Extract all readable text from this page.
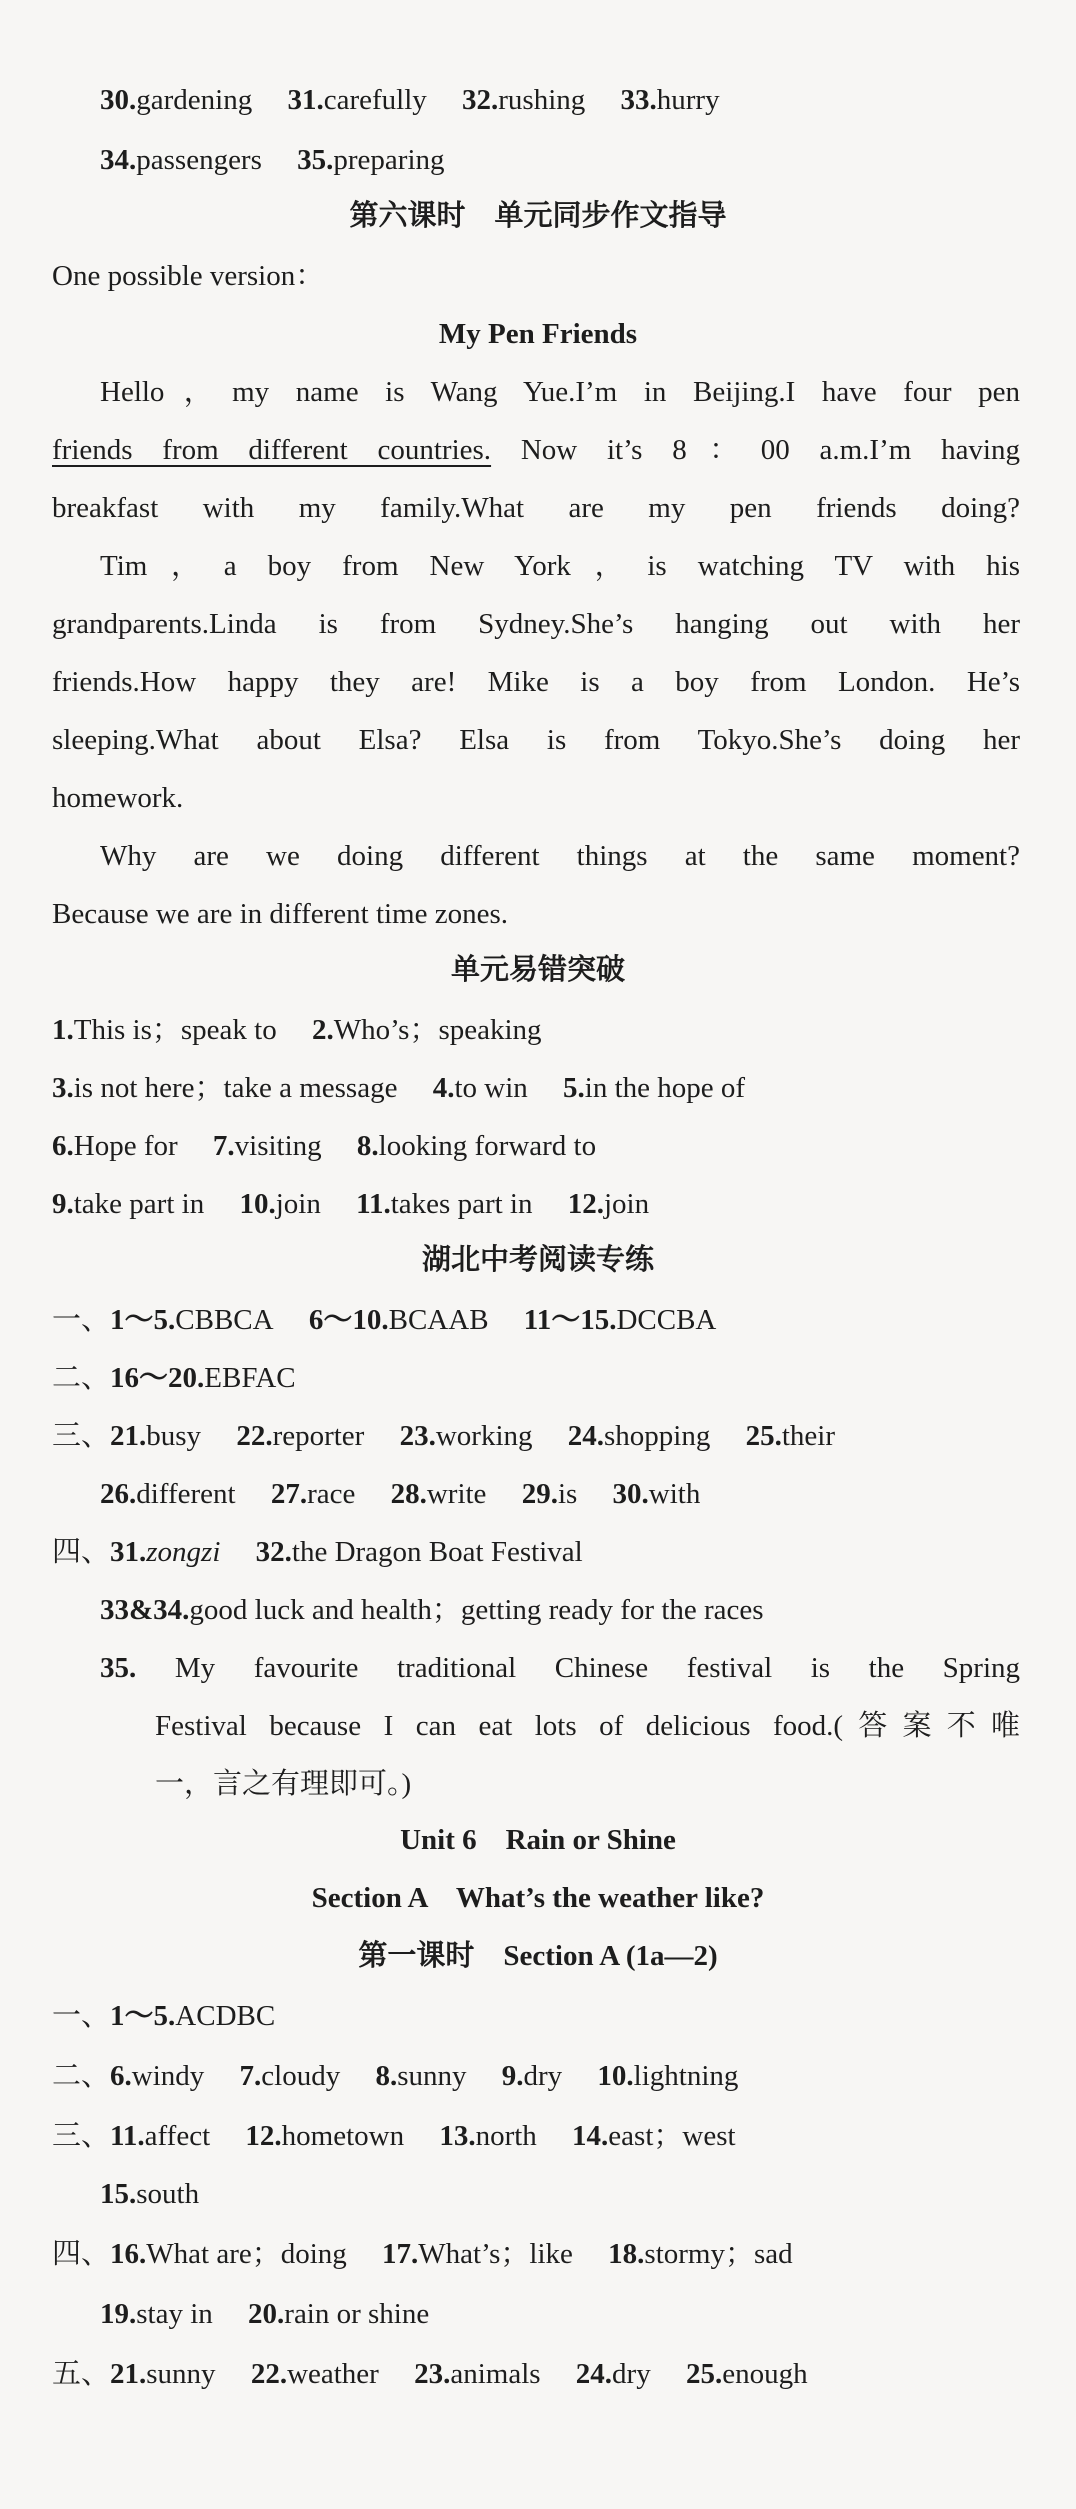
30.gardening 31.carefully 32.rushing 33.hurry
34.passengers 35.preparing
第六课时　单元同步作文指导
One possible version：
My Pen Friends
Hello，my name is Wang Yue.I’m in Beijing.I have four pen
friends from different countries. Now it’s 8：00 a.m.I’m having
breakfast with my family.What are my pen friends doing?
Tim，a boy from New York，is watching TV with his
grandparents.Linda is from Sydney.She’s hanging out with her
friends.How happy they are! Mike is a boy from London. He’s
sleeping.What about Elsa? Elsa is from Tokyo.She’s doing her
homework.
Why are we doing different things at the same moment?
Because we are in different time zones.
单元易错突破
1.This is；speak to 2.Who’s；speaking
3.is not here；take a message 4.to win 5.in the hope of
6.Hope for 7.visiting 8.looking forward to
9.take part in 10.join 11.takes part in 12.join
湖北中考阅读专练
一、1～5.CBBCA 6～10.BCAAB 11～15.DCCBA
二、16～20.EBFAC
三、21.busy 22.reporter 23.working 24.shopping 25.their
26.different 27.race 28.write 29.is 30.with
四、31.zongzi 32.the Dragon Boat Festival
33&34.good luck and health；getting ready for the races
35. My favourite traditional Chinese festival is the Spring
Festival because I can eat lots of delicious food.(答案不唯
一，言之有理即可。)
Unit 6　Rain or Shine
Section A　What’s the weather like?
第一课时　Section A (1a—2)
一、1～5.ACDBC
二、6.windy 7.cloudy 8.sunny 9.dry 10.lightning
三、11.affect 12.hometown 13.north 14.east；west
15.south
四、16.What are；doing 17.What’s；like 18.stormy；sad
19.stay in 20.rain or shine
五、21.sunny 22.weather 23.animals 24.dry 25.enough
